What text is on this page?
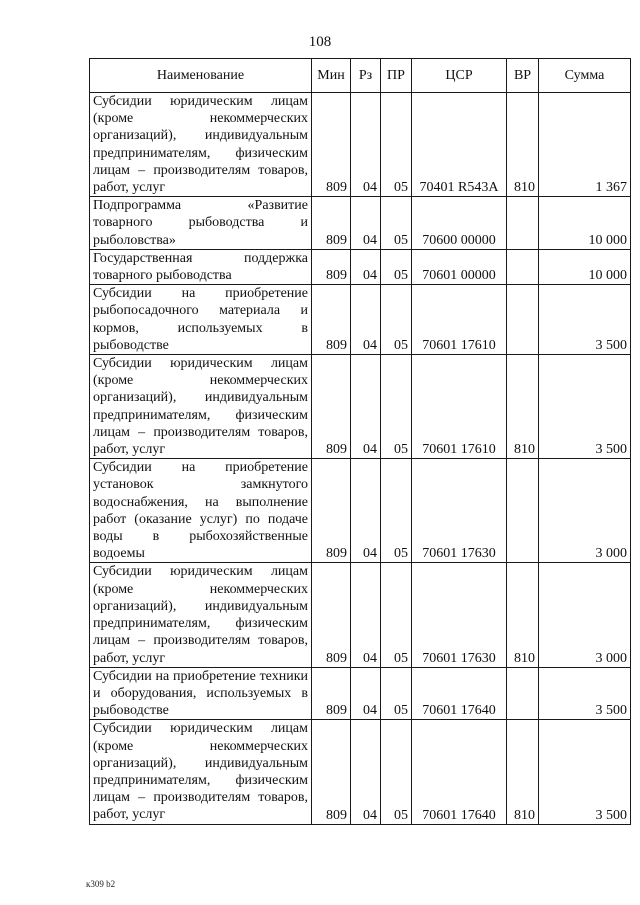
108
Наименование	Мин	Рз	ПР	ЦСР	ВР	Сумма
Субсидии юридическим лицам (кроме некоммерческих организаций), индивидуальным предпринимателям, физическим лицам – производителям товаров, работ, услуг	809	04	05	70401 R543A	810	1 367
Подпрограмма «Развитие товарного рыбоводства и рыболовства»	809	04	05	70600 00000		10 000
Государственная поддержка товарного рыбоводства	809	04	05	70601 00000		10 000
Субсидии на приобретение рыбопосадочного материала и кормов, используемых в рыбоводстве	809	04	05	70601 17610		3 500
Субсидии юридическим лицам (кроме некоммерческих организаций), индивидуальным предпринимателям, физическим лицам – производителям товаров, работ, услуг	809	04	05	70601 17610	810	3 500
Субсидии на приобретение установок замкнутого водоснабжения, на выполнение работ (оказание услуг) по подаче воды в рыбохозяйственные водоемы	809	04	05	70601 17630		3 000
Субсидии юридическим лицам (кроме некоммерческих организаций), индивидуальным предпринимателям, физическим лицам – производителям товаров, работ, услуг	809	04	05	70601 17630	810	3 000
Субсидии на приобретение техники и оборудования, используемых в рыбоводстве	809	04	05	70601 17640		3 500
Субсидии юридическим лицам (кроме некоммерческих организаций), индивидуальным предпринимателям, физическим лицам – производителям товаров, работ, услуг	809	04	05	70601 17640	810	3 500
к309 b2
